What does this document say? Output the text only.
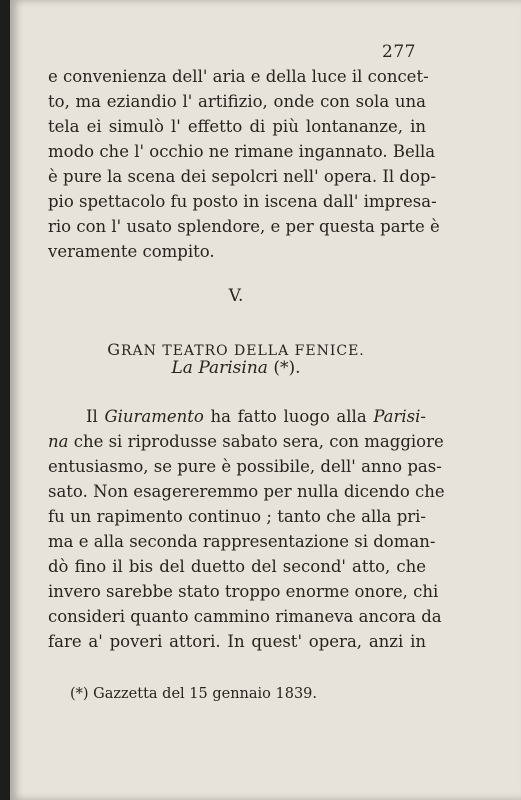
277
e convenienza dell' aria e della luce il concet-
to, ma eziandio l' artifizio, onde con sola una
tela ei simulò l' effetto di più lontananze, in
modo che l' occhio ne rimane ingannato. Bella
è pure la scena dei sepolcri nell' opera. Il dop-
pio spettacolo fu posto in iscena dall' impresa-
rio con l' usato splendore, e per questa parte è
veramente compito.
V.
GRAN TEATRO DELLA FENICE.
La Parisina (*).
Il Giuramento ha fatto luogo alla Parisi-
na che si riprodusse sabato sera, con maggiore
entusiasmo, se pure è possibile, dell' anno pas-
sato. Non esagereremmo per nulla dicendo che
fu un rapimento continuo ; tanto che alla pri-
ma e alla seconda rappresentazione si doman-
dò fino il bis del duetto del second' atto, che
invero sarebbe stato troppo enorme onore, chi
consideri quanto cammino rimaneva ancora da
fare a' poveri attori. In quest' opera, anzi in
(*) Gazzetta del 15 gennaio 1839.
